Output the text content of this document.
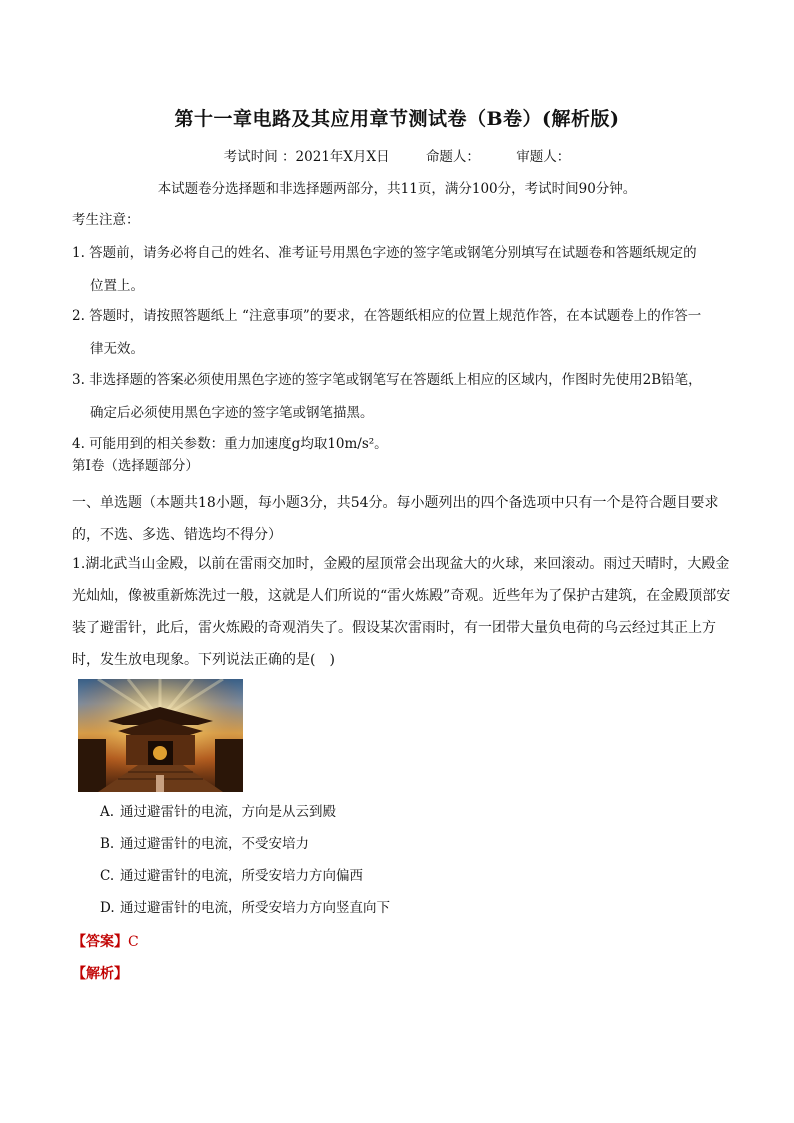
第十一章电路及其应用章节测试卷（B卷）(解析版)
考试时间 ：2021年X月X日	命题人：	审题人：
本试题卷分选择题和非选择题两部分，共11页，满分100分，考试时间90分钟。
考生注意：
1. 答题前，请务必将自己的姓名、准考证号用黑色字迹的签字笔或钢笔分别填写在试题卷和答题纸规定的
位置上。
2. 答题时，请按照答题纸上 “注意事项”的要求，在答题纸相应的位置上规范作答，在本试题卷上的作答一
律无效。
3. 非选择题的答案必须使用黑色字迹的签字笔或钢笔写在答题纸上相应的区域内，作图时先使用2B铅笔，
确定后必须使用黑色字迹的签字笔或钢笔描黑。
4. 可能用到的相关参数：重力加速度g均取10m/s²。
第I卷（选择题部分）
一、单选题（本题共18小题，每小题3分，共54分。每小题列出的四个备选项中只有一个是符合题目要求的，不选、多选、错选均不得分）
1.湖北武当山金殿，以前在雷雨交加时，金殿的屋顶常会出现盆大的火球，来回滚动。雨过天晴时，大殿金光灿灿，像被重新炼洗过一般，这就是人们所说的“雷火炼殿”奇观。近些年为了保护古建筑，在金殿顶部安装了避雷针，此后，雷火炼殿的奇观消失了。假设某次雷雨时，有一团带大量负电荷的乌云经过其正上方时，发生放电现象。下列说法正确的是(　)
A. 通过避雷针的电流，方向是从云到殿
B. 通过避雷针的电流，不受安培力
C. 通过避雷针的电流，所受安培力方向偏西
D. 通过避雷针的电流，所受安培力方向竖直向下
【答案】C
【解析】
